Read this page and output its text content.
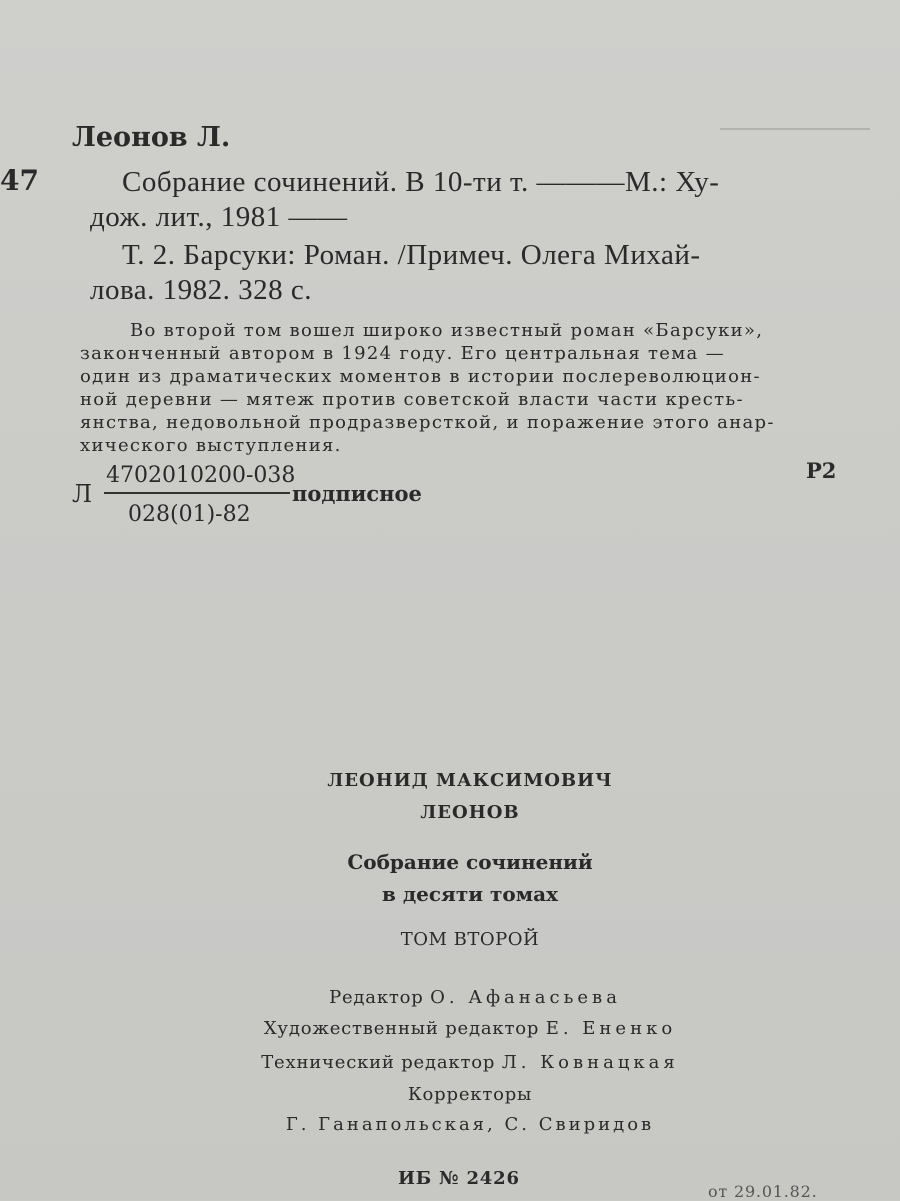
Леонов Л.
47	Собрание сочинений. В 10-ти т. ———М.: Ху-
дож. лит., 1981 ——
Т. 2. Барсуки: Роман. /Примеч. Олега Михай-
лова. 1982. 328 с.
Во второй том вошел широко известный роман «Барсуки»,
законченный автором в 1924 году. Его центральная тема —
один из драматических моментов в истории послереволюцион-
ной деревни — мятеж против советской власти части кресть-
янства, недовольной продразверсткой, и поражение этого анар-
хического выступления.
Л
4702010200-038
028(01)-82
подписное
Р2
ЛЕОНИД МАКСИМОВИЧ
ЛЕОНОВ
Собрание сочинений
в десяти томах
ТОМ ВТОРОЙ
Редактор О. Афанасьева
Художественный редактор Е. Ененко
Технический редактор Л. Ковнацкая
Корректоры
Г. Ганапольская, С. Свиридов
ИБ № 2426
от 29.01.82.
